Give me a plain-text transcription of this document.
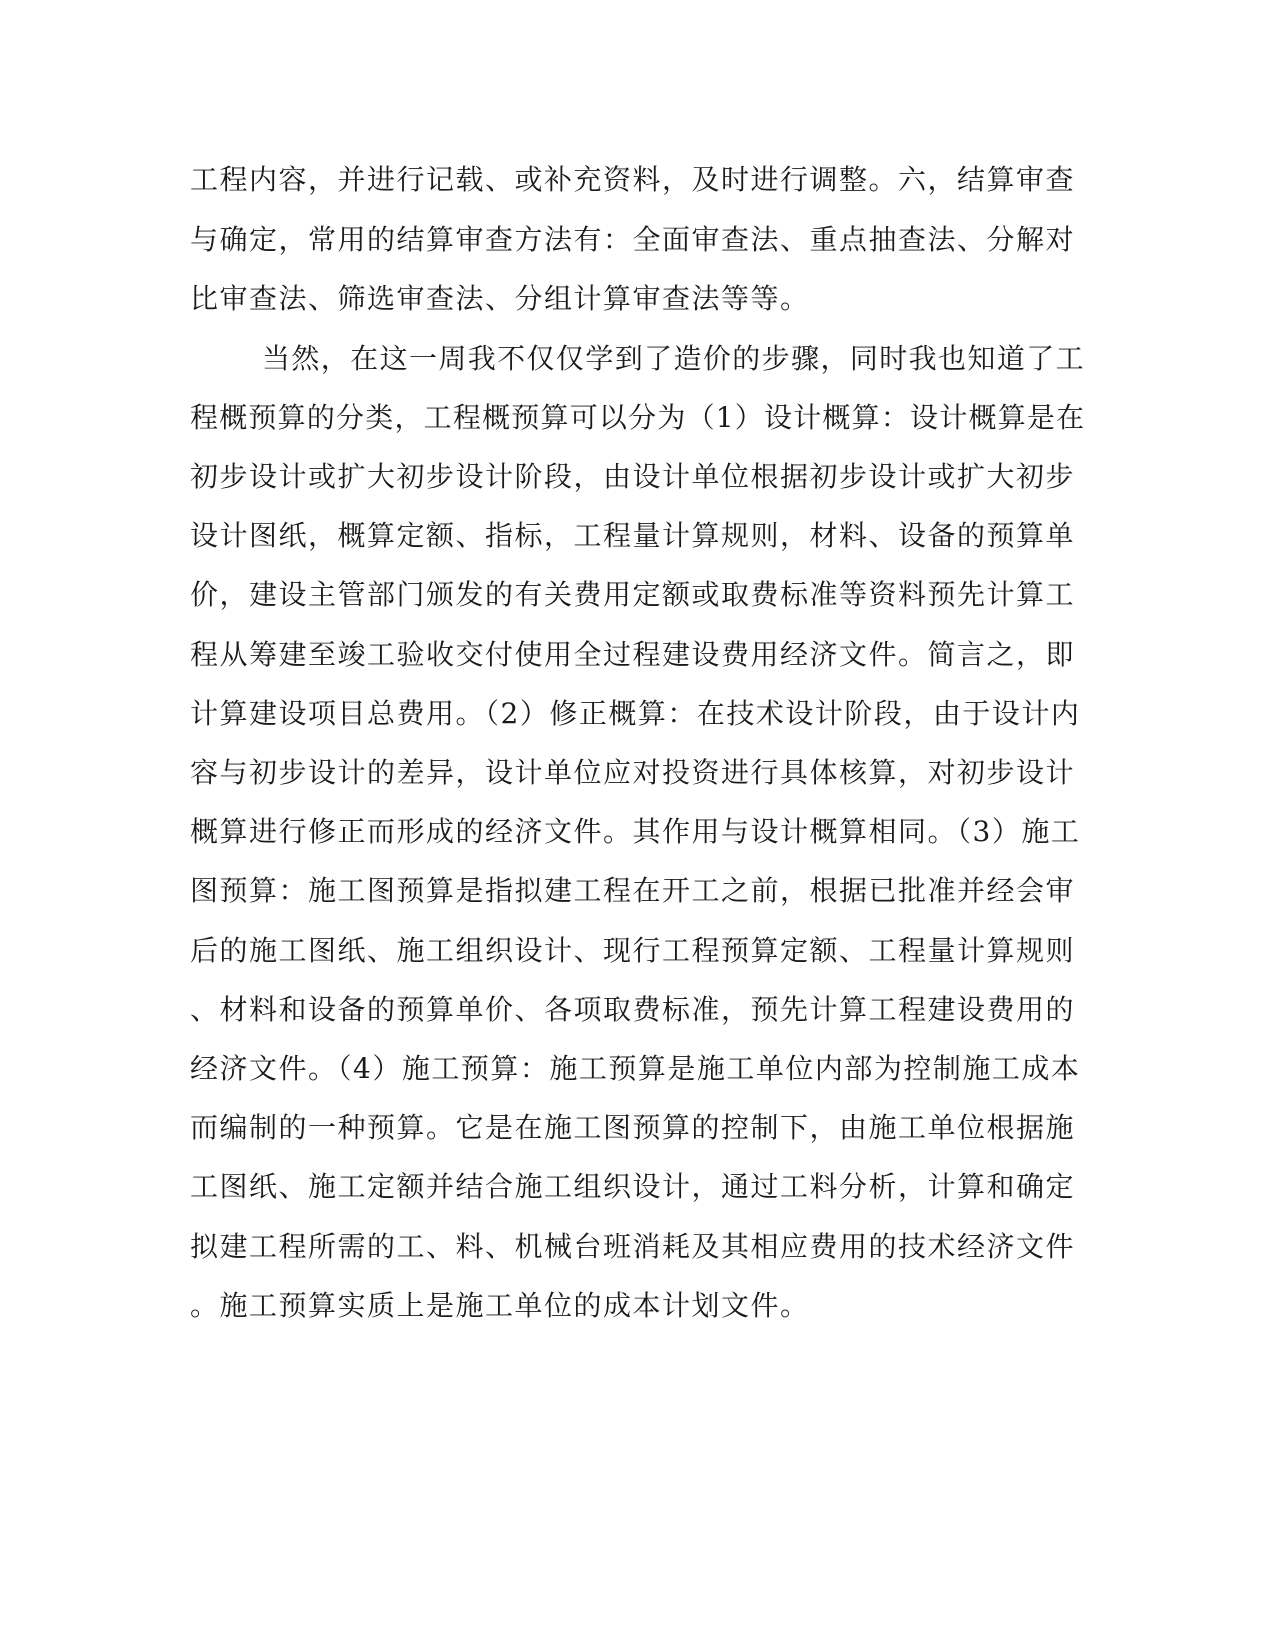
工程内容，并进行记载、或补充资料，及时进行调整。六，结算审查
与确定，常用的结算审查方法有：全面审查法、重点抽查法、分解对
比审查法、筛选审查法、分组计算审查法等等。
当然，在这一周我不仅仅学到了造价的步骤，同时我也知道了工
程概预算的分类，工程概预算可以分为（1）设计概算：设计概算是在
初步设计或扩大初步设计阶段，由设计单位根据初步设计或扩大初步
设计图纸，概算定额、指标，工程量计算规则，材料、设备的预算单
价，建设主管部门颁发的有关费用定额或取费标准等资料预先计算工
程从筹建至竣工验收交付使用全过程建设费用经济文件。简言之，即
计算建设项目总费用。（2）修正概算：在技术设计阶段，由于设计内
容与初步设计的差异，设计单位应对投资进行具体核算，对初步设计
概算进行修正而形成的经济文件。其作用与设计概算相同。（3）施工
图预算：施工图预算是指拟建工程在开工之前，根据已批准并经会审
后的施工图纸、施工组织设计、现行工程预算定额、工程量计算规则
、材料和设备的预算单价、各项取费标准，预先计算工程建设费用的
经济文件。（4）施工预算：施工预算是施工单位内部为控制施工成本
而编制的一种预算。它是在施工图预算的控制下，由施工单位根据施
工图纸、施工定额并结合施工组织设计，通过工料分析，计算和确定
拟建工程所需的工、料、机械台班消耗及其相应费用的技术经济文件
。施工预算实质上是施工单位的成本计划文件。
